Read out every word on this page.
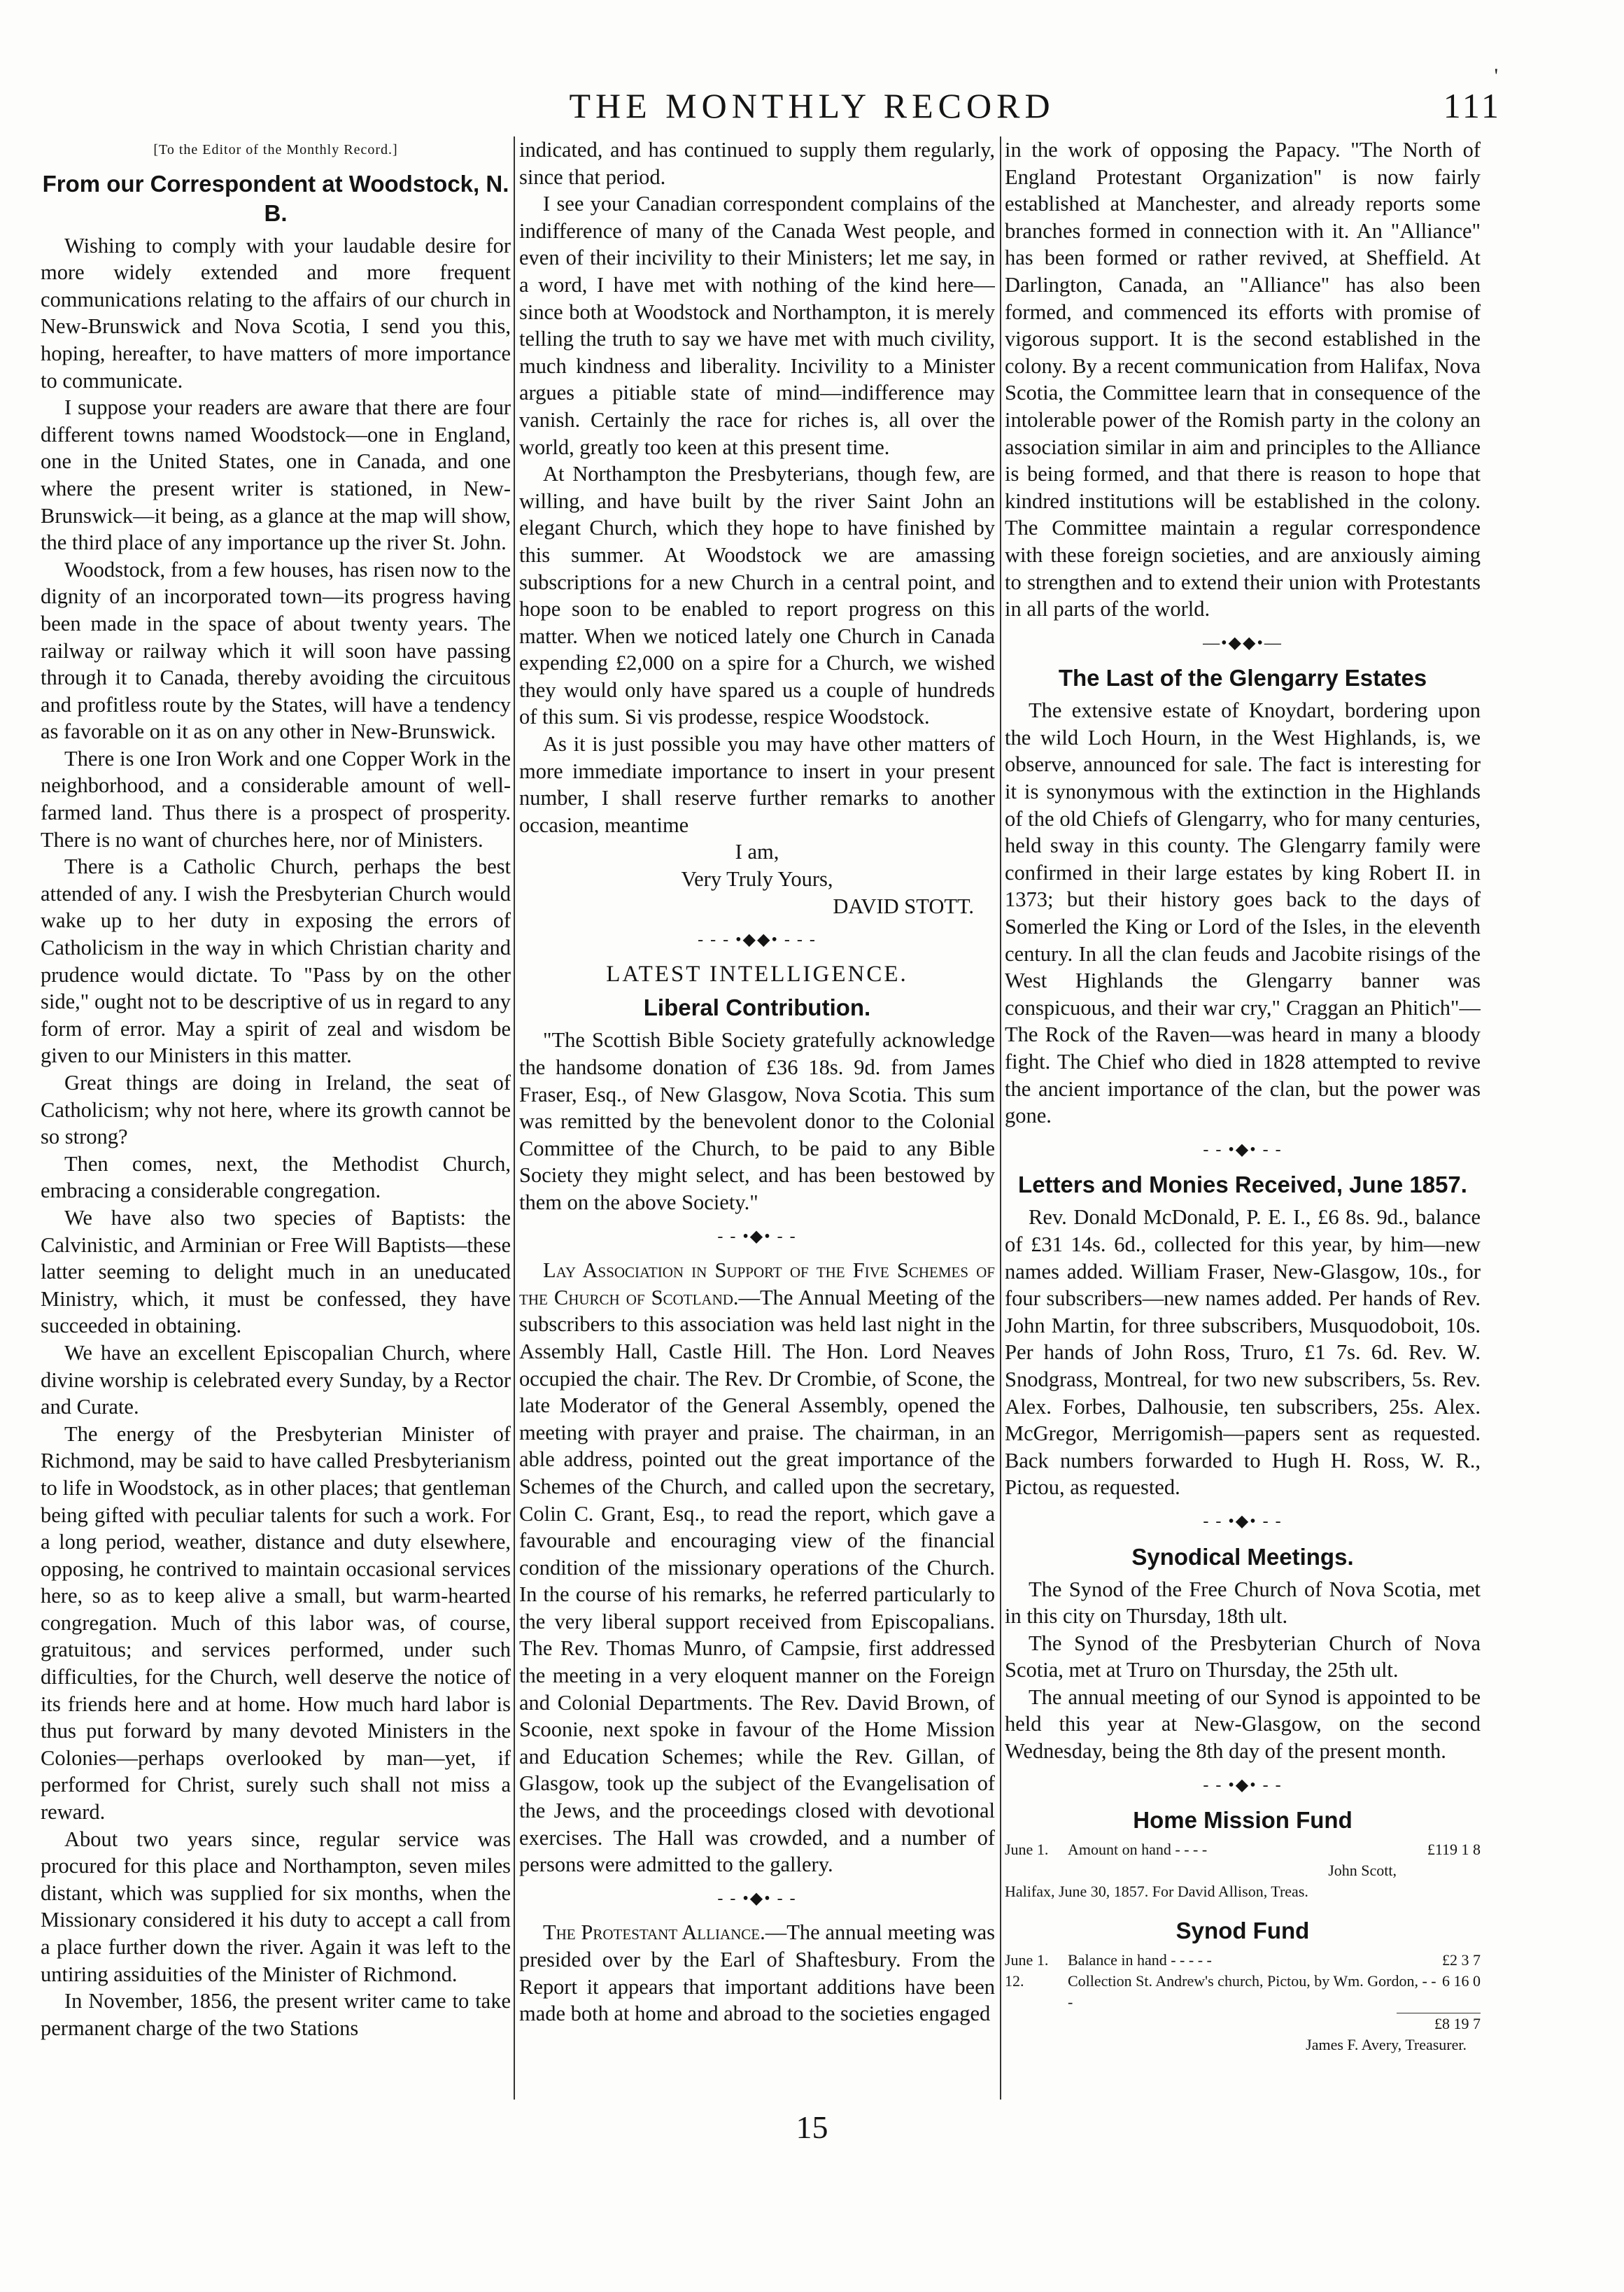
'
THE MONTHLY RECORD	111

[To the Editor of the Monthly Record.]

From our Correspondent at Woodstock, N. B.

Wishing to comply with your laudable desire for more widely extended and more frequent communications relating to the affairs of our church in New-Brunswick and Nova Scotia, I send you this, hoping, hereafter, to have matters of more importance to communicate.

I suppose your readers are aware that there are four different towns named Woodstock—one in England, one in the United States, one in Canada, and one where the present writer is stationed, in New-Brunswick—it being, as a glance at the map will show, the third place of any importance up the river St. John.

Woodstock, from a few houses, has risen now to the dignity of an incorporated town—its progress having been made in the space of about twenty years. The railway or railway which it will soon have passing through it to Canada, thereby avoiding the circuitous and profitless route by the States, will have a tendency as favorable on it as on any other in New-Brunswick.

There is one Iron Work and one Copper Work in the neighborhood, and a considerable amount of well-farmed land. Thus there is a prospect of prosperity. There is no want of churches here, nor of Ministers.

There is a Catholic Church, perhaps the best attended of any. I wish the Presbyterian Church would wake up to her duty in exposing the errors of Catholicism in the way in which Christian charity and prudence would dictate. To "Pass by on the other side," ought not to be descriptive of us in regard to any form of error. May a spirit of zeal and wisdom be given to our Ministers in this matter.

Great things are doing in Ireland, the seat of Catholicism; why not here, where its growth cannot be so strong?

Then comes, next, the Methodist Church, embracing a considerable congregation.

We have also two species of Baptists: the Calvinistic, and Arminian or Free Will Baptists—these latter seeming to delight much in an uneducated Ministry, which, it must be confessed, they have succeeded in obtaining.

We have an excellent Episcopalian Church, where divine worship is celebrated every Sunday, by a Rector and Curate.

The energy of the Presbyterian Minister of Richmond, may be said to have called Presbyterianism to life in Woodstock, as in other places; that gentleman being gifted with peculiar talents for such a work. For a long period, weather, distance and duty elsewhere, opposing, he contrived to maintain occasional services here, so as to keep alive a small, but warm-hearted congregation. Much of this labor was, of course, gratuitous; and services performed, under such difficulties, for the Church, well deserve the notice of its friends here and at home. How much hard labor is thus put forward by many devoted Ministers in the Colonies—perhaps overlooked by man—yet, if performed for Christ, surely such shall not miss a reward.

About two years since, regular service was procured for this place and Northampton, seven miles distant, which was supplied for six months, when the Missionary considered it his duty to accept a call from a place further down the river. Again it was left to the untiring assiduities of the Minister of Richmond.

In November, 1856, the present writer came to take permanent charge of the two Stations

indicated, and has continued to supply them regularly, since that period.

I see your Canadian correspondent complains of the indifference of many of the Canada West people, and even of their incivility to their Ministers; let me say, in a word, I have met with nothing of the kind here—since both at Woodstock and Northampton, it is merely telling the truth to say we have met with much civility, much kindness and liberality. Incivility to a Minister argues a pitiable state of mind—indifference may vanish. Certainly the race for riches is, all over the world, greatly too keen at this present time.

At Northampton the Presbyterians, though few, are willing, and have built by the river Saint John an elegant Church, which they hope to have finished by this summer. At Woodstock we are amassing subscriptions for a new Church in a central point, and hope soon to be enabled to report progress on this matter. When we noticed lately one Church in Canada expending £2,000 on a spire for a Church, we wished they would only have spared us a couple of hundreds of this sum. Si vis prodesse, respice Woodstock.

As it is just possible you may have other matters of more immediate importance to insert in your present number, I shall reserve further remarks to another occasion, meantime

I am,

Very Truly Yours,

DAVID STOTT.

- - - •◆◆• - - -
LATEST INTELLIGENCE.
Liberal Contribution.

"The Scottish Bible Society gratefully acknowledge the handsome donation of £36 18s. 9d. from James Fraser, Esq., of New Glasgow, Nova Scotia. This sum was remitted by the benevolent donor to the Colonial Committee of the Church, to be paid to any Bible Society they might select, and has been bestowed by them on the above Society."

- - •◆• - -

Lay Association in Support of the Five Schemes of the Church of Scotland.—The Annual Meeting of the subscribers to this association was held last night in the Assembly Hall, Castle Hill. The Hon. Lord Neaves occupied the chair. The Rev. Dr Crombie, of Scone, the late Moderator of the General Assembly, opened the meeting with prayer and praise. The chairman, in an able address, pointed out the great importance of the Schemes of the Church, and called upon the secretary, Colin C. Grant, Esq., to read the report, which gave a favourable and encouraging view of the financial condition of the missionary operations of the Church. In the course of his remarks, he referred particularly to the very liberal support received from Episcopalians. The Rev. Thomas Munro, of Campsie, first addressed the meeting in a very eloquent manner on the Foreign and Colonial Departments. The Rev. David Brown, of Scoonie, next spoke in favour of the Home Mission and Education Schemes; while the Rev. Gillan, of Glasgow, took up the subject of the Evangelisation of the Jews, and the proceedings closed with devotional exercises. The Hall was crowded, and a number of persons were admitted to the gallery.

- - •◆• - -

The Protestant Alliance.—The annual meeting was presided over by the Earl of Shaftesbury. From the Report it appears that important additions have been made both at home and abroad to the societies engaged

in the work of opposing the Papacy. "The North of England Protestant Organization" is now fairly established at Manchester, and already reports some branches formed in connection with it. An "Alliance" has been formed or rather revived, at Sheffield. At Darlington, Canada, an "Alliance" has also been formed, and commenced its efforts with promise of vigorous support. It is the second established in the colony. By a recent communication from Halifax, Nova Scotia, the Committee learn that in consequence of the intolerable power of the Romish party in the colony an association similar in aim and principles to the Alliance is being formed, and that there is reason to hope that kindred institutions will be established in the colony. The Committee maintain a regular correspondence with these foreign societies, and are anxiously aiming to strengthen and to extend their union with Protestants in all parts of the world.

—•◆◆•—
The Last of the Glengarry Estates

The extensive estate of Knoydart, bordering upon the wild Loch Hourn, in the West Highlands, is, we observe, announced for sale. The fact is interesting for it is synonymous with the extinction in the Highlands of the old Chiefs of Glengarry, who for many centuries, held sway in this county. The Glengarry family were confirmed in their large estates by king Robert II. in 1373; but their history goes back to the days of Somerled the King or Lord of the Isles, in the eleventh century. In all the clan feuds and Jacobite risings of the West Highlands the Glengarry banner was conspicuous, and their war cry," Craggan an Phitich"—The Rock of the Raven—was heard in many a bloody fight. The Chief who died in 1828 attempted to revive the ancient importance of the clan, but the power was gone.

- - •◆• - -
Letters and Monies Received, June 1857.

Rev. Donald McDonald, P. E. I., £6 8s. 9d., balance of £31 14s. 6d., collected for this year, by him—new names added. William Fraser, New-Glasgow, 10s., for four subscribers—new names added. Per hands of Rev. John Martin, for three subscribers, Musquodoboit, 10s. Per hands of John Ross, Truro, £1 7s. 6d. Rev. W. Snodgrass, Montreal, for two new subscribers, 5s. Rev. Alex. Forbes, Dalhousie, ten subscribers, 25s. Alex. McGregor, Merrigomish—papers sent as requested. Back numbers forwarded to Hugh H. Ross, W. R., Pictou, as requested.

- - •◆• - -
Synodical Meetings.

The Synod of the Free Church of Nova Scotia, met in this city on Thursday, 18th ult.

The Synod of the Presbyterian Church of Nova Scotia, met at Truro on Thursday, the 25th ult.

The annual meeting of our Synod is appointed to be held this year at New-Glasgow, on the second Wednesday, being the 8th day of the present month.

- - •◆• - -
Home Mission Fund
June 1.	Amount on hand - - - -	£119 1 8

John Scott,

Halifax, June 30, 1857. For David Allison, Treas.

Synod Fund
June 1.	Balance in hand - - - - -	£2 3 7
12.	Collection St. Andrew's church, Pictou, by Wm. Gordon, - - -	6 16 0

£8 19 7

James F. Avery, Treasurer.

15
